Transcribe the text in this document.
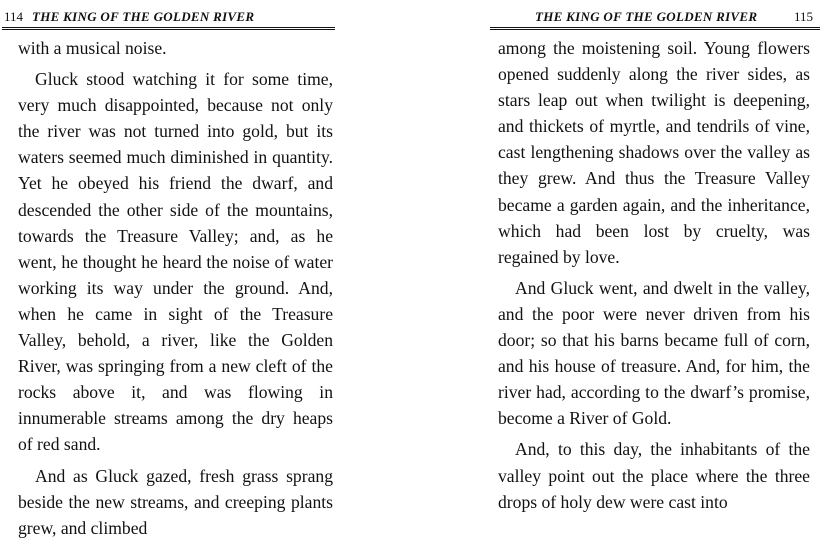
114 THE KING OF THE GOLDEN RIVER

with a musical noise.

Gluck stood watching it for some time, very much disappointed, because not only the river was not turned into gold, but its waters seemed much diminished in quantity. Yet he obeyed his friend the dwarf, and descended the other side of the mountains, towards the Treasure Valley; and, as he went, he thought he heard the noise of water working its way under the ground. And, when he came in sight of the Treasure Valley, behold, a river, like the Golden River, was springing from a new cleft of the rocks above it, and was flowing in innumerable streams among the dry heaps of red sand.

And as Gluck gazed, fresh grass sprang beside the new streams, and creeping plants grew, and climbed

THE KING OF THE GOLDEN RIVER	115

among the moistening soil. Young flowers opened suddenly along the river sides, as stars leap out when twilight is deepening, and thickets of myrtle, and tendrils of vine, cast lengthening shadows over the valley as they grew. And thus the Treasure Valley became a garden again, and the inheritance, which had been lost by cruelty, was regained by love.

And Gluck went, and dwelt in the valley, and the poor were never driven from his door; so that his barns became full of corn, and his house of treasure. And, for him, the river had, according to the dwarf’s promise, become a River of Gold.

And, to this day, the inhabitants of the valley point out the place where the three drops of holy dew were cast into
